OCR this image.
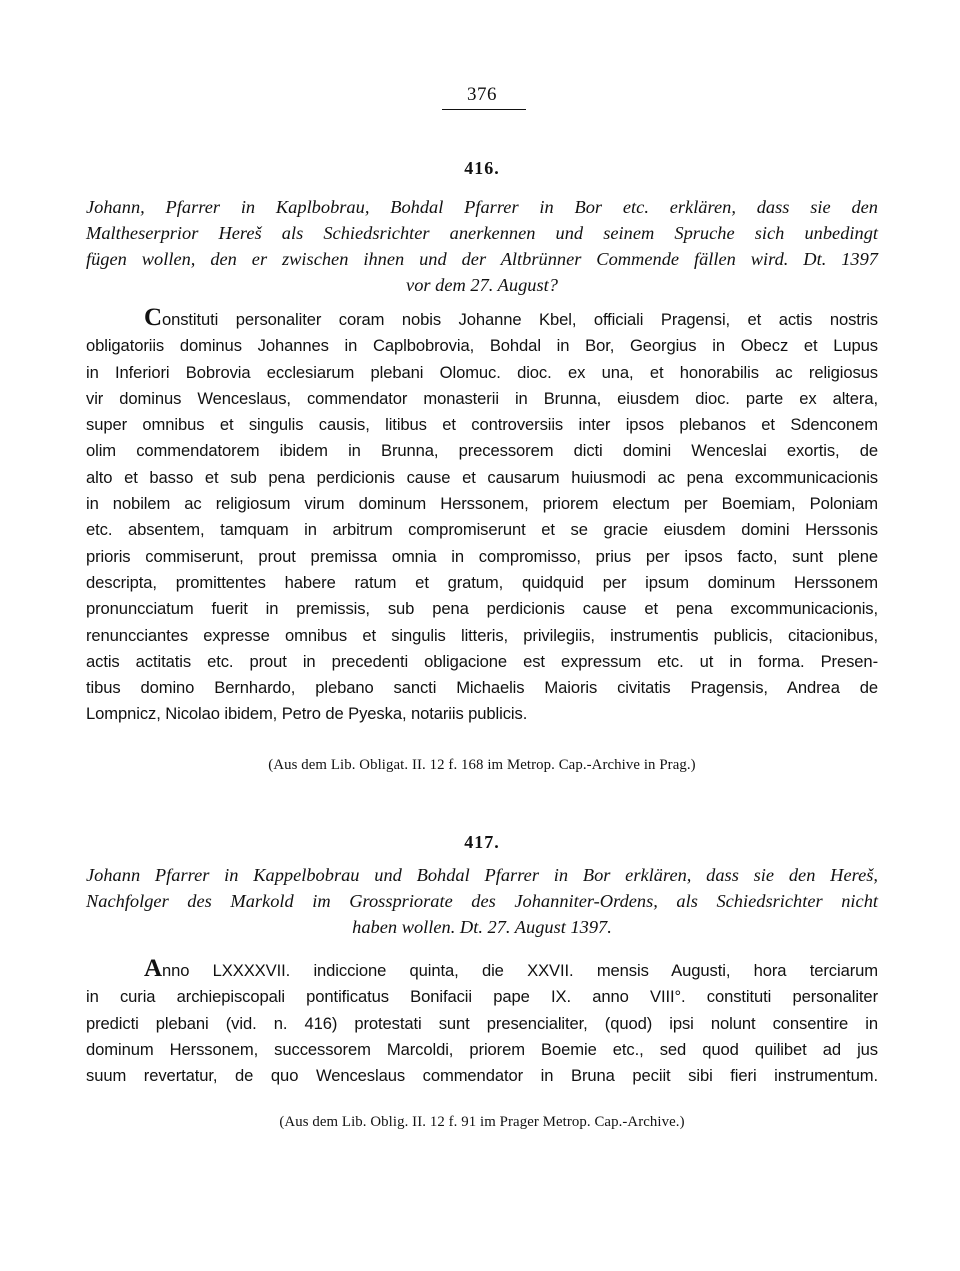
376
416.
Johann, Pfarrer in Kaplbobrau, Bohdal Pfarrer in Bor etc. erklären, dass sie den
Maltheserprior Hereš als Schiedsrichter anerkennen und seinem Spruche sich unbedingt
fügen wollen, den er zwischen ihnen und der Altbrünner Commende fällen wird. Dt. 1397
vor dem 27. August?
Constituti personaliter coram nobis Johanne Kbel, officiali Pragensi, et actis nostris
obligatoriis dominus Johannes in Caplbobrovia, Bohdal in Bor, Georgius in Obecz et Lupus
in Inferiori Bobrovia ecclesiarum plebani Olomuc. dioc. ex una, et honorabilis ac religiosus
vir dominus Wenceslaus, commendator monasterii in Brunna, eiusdem dioc. parte ex altera,
super omnibus et singulis causis, litibus et controversiis inter ipsos plebanos et Sdenconem
olim commendatorem ibidem in Brunna, precessorem dicti domini Wenceslai exortis, de
alto et basso et sub pena perdicionis cause et causarum huiusmodi ac pena excommunicacionis
in nobilem ac religiosum virum dominum Herssonem, priorem electum per Boemiam, Poloniam
etc. absentem, tamquam in arbitrum compromiserunt et se gracie eiusdem domini Herssonis
prioris commiserunt, prout premissa omnia in compromisso, prius per ipsos facto, sunt plene
descripta, promittentes habere ratum et gratum, quidquid per ipsum dominum Herssonem
pronuncciatum fuerit in premissis, sub pena perdicionis cause et pena excommunicacionis,
renuncciantes expresse omnibus et singulis litteris, privilegiis, instrumentis publicis, citacionibus,
actis actitatis etc. prout in precedenti obligacione est expressum etc. ut in forma. Presen-
tibus domino Bernhardo, plebano sancti Michaelis Maioris civitatis Pragensis, Andrea de
Lompnicz, Nicolao ibidem, Petro de Pyeska, notariis publicis.
(Aus dem Lib. Obligat. II. 12 f. 168 im Metrop. Cap.-Archive in Prag.)
417.
Johann Pfarrer in Kappelbobrau und Bohdal Pfarrer in Bor erklären, dass sie den Hereš,
Nachfolger des Markold im Grosspriorate des Johanniter-Ordens, als Schiedsrichter nicht
haben wollen. Dt. 27. August 1397.
Anno LXXXXVII. indiccione quinta, die XXVII. mensis Augusti, hora terciarum
in curia archiepiscopali pontificatus Bonifacii pape IX. anno VIII°. constituti personaliter
predicti plebani (vid. n. 416) protestati sunt presencialiter, (quod) ipsi nolunt consentire in
dominum Herssonem, successorem Marcoldi, priorem Boemie etc., sed quod quilibet ad jus
suum revertatur, de quo Wenceslaus commendator in Bruna peciit sibi fieri instrumentum.
(Aus dem Lib. Oblig. II. 12 f. 91 im Prager Metrop. Cap.-Archive.)
